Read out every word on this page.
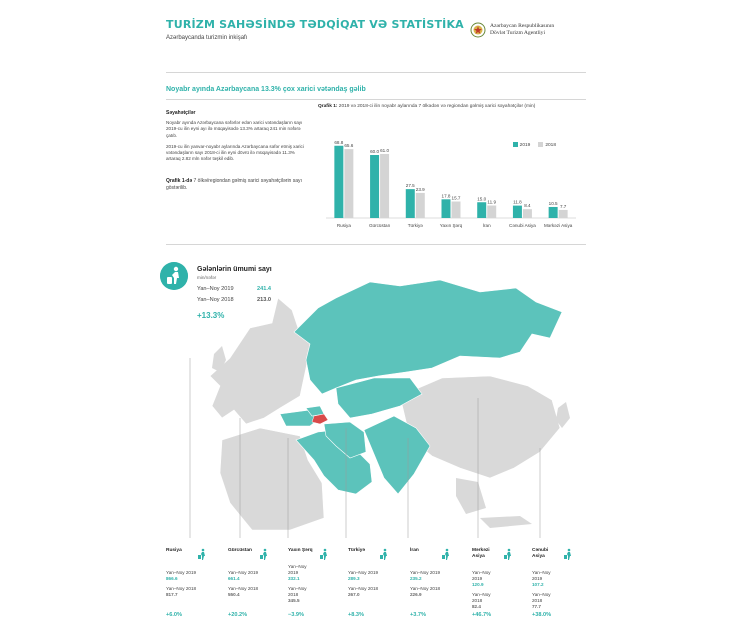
TURİZM SAHƏSİNDƏ TƏDQİQAT VƏ STATİSTİKA
Azərbaycanda turizmin inkişafı
Azərbaycan Respublikasının
Dövlət Turizm Agentliyi
Noyabr ayında Azərbaycana 13.3% çox xarici vətəndaş gəlib
Səyahətçilər

Noyabr ayında Azərbaycana səfərlər edən xarici vətəndaşların sayı 2019-cu ilin eyni ayı ilə müqayisədə 13.3% artaraq 241 min nəfərə çatıb.

2019-cu ilin yanvar-noyabr aylarında Azərbaycana səfər etmiş xarici vətəndaşların sayı 2018-ci ilin eyni dövrü ilə müqayisədə 11.3% artaraq 2.82 mln nəfər təşkil edib.

Qrafik 1-də 7 ölkə/regiondan gəlmiş xarici səyahətçilərin sayı göstərilib.
Qrafik 1: 2019 və 2018-ci ilin noyabr aylarında 7 ölkədən və regiondan gəlmiş xarici səyahətçilər (min)
2019	2018
68.8
65.6
Rusiya
60.0 61.0
Gürcüstan
27.5
23.9
Türkiyə
17.8 15.7
Yaxın Şərq
15.0
11.9
İran
11.8
8.4
Cənubi Asiya
10.5
7.7
Mərkəzi Asiya
Gələnlərin ümumi sayı
min/nəfər
Yan–Noy 2019	241.4
Yan–Noy 2018	213.0
+13.3%
Rusiya
Yan–Noy 2019
866.6
Yan–Noy 2018
817.7
+6.0%
Gürcüstan
Yan–Noy 2019
661.4
Yan–Noy 2018
550.4
+20.2%
Yaxın Şərq
Yan–Noy 2019
332.1
Yan–Noy 2018
345.5
−3.9%
Türkiyə
Yan–Noy 2019
289.3
Yan–Noy 2018
267.0
+8.3%
İran
Yan–Noy 2019
235.2
Yan–Noy 2018
226.9
+3.7%
Mərkəzi Asiya
Yan–Noy 2019
120.9
Yan–Noy 2018
82.4
+46.7%
Cənubi Asiya
Yan–Noy 2019
107.2
Yan–Noy 2018
77.7
+38.0%
